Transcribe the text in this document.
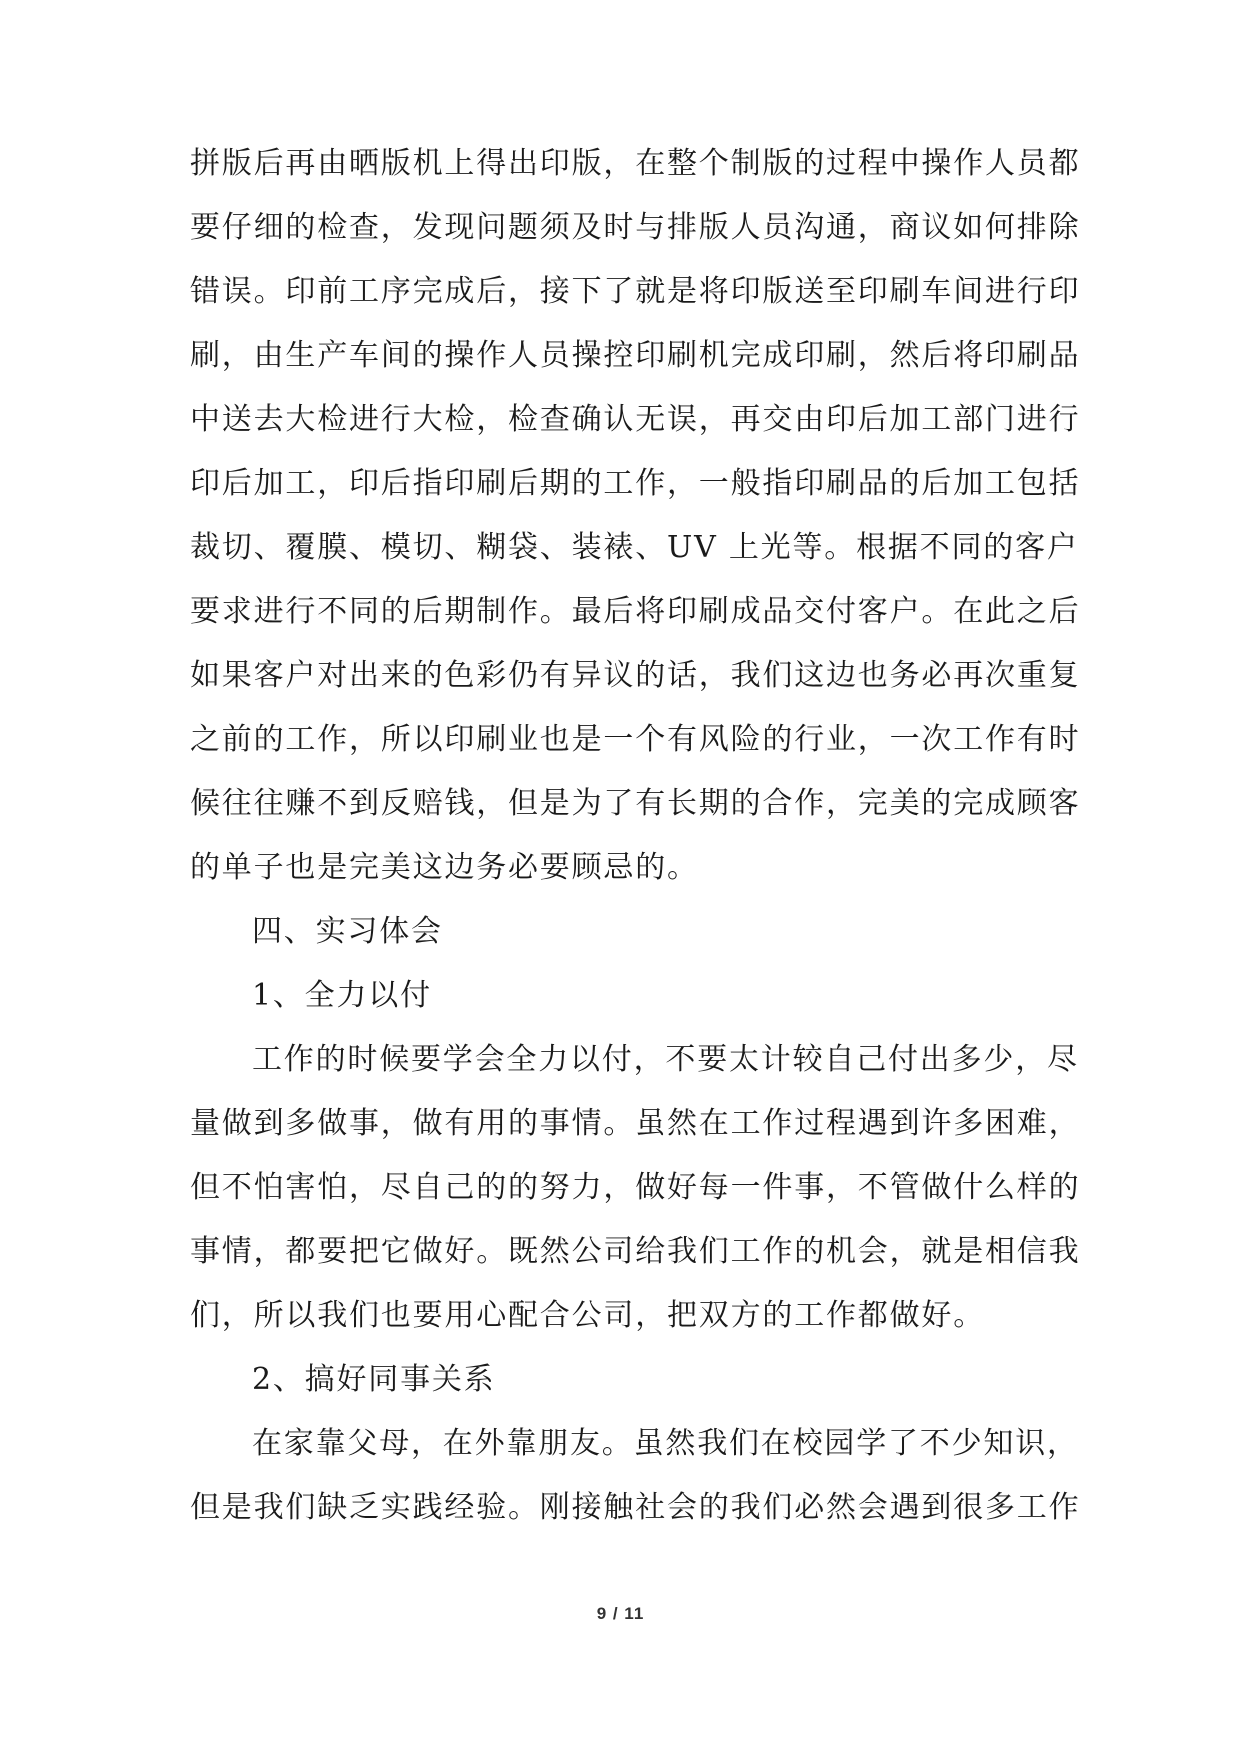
拼版后再由晒版机上得出印版，在整个制版的过程中操作人员都
要仔细的检查，发现问题须及时与排版人员沟通，商议如何排除
错误。印前工序完成后，接下了就是将印版送至印刷车间进行印
刷，由生产车间的操作人员操控印刷机完成印刷，然后将印刷品
中送去大检进行大检，检查确认无误，再交由印后加工部门进行
印后加工，印后指印刷后期的工作，一般指印刷品的后加工包括
裁切、覆膜、模切、糊袋、装裱、UV 上光等。根据不同的客户
要求进行不同的后期制作。最后将印刷成品交付客户。在此之后
如果客户对出来的色彩仍有异议的话，我们这边也务必再次重复
之前的工作，所以印刷业也是一个有风险的行业，一次工作有时
候往往赚不到反赔钱，但是为了有长期的合作，完美的完成顾客
的单子也是完美这边务必要顾忌的。
四、实习体会
1、全力以付
工作的时候要学会全力以付，不要太计较自己付出多少，尽
量做到多做事，做有用的事情。虽然在工作过程遇到许多困难，
但不怕害怕，尽自己的的努力，做好每一件事，不管做什么样的
事情，都要把它做好。既然公司给我们工作的机会，就是相信我
们，所以我们也要用心配合公司，把双方的工作都做好。
2、搞好同事关系
在家靠父母，在外靠朋友。虽然我们在校园学了不少知识，
但是我们缺乏实践经验。刚接触社会的我们必然会遇到很多工作
9 / 11
